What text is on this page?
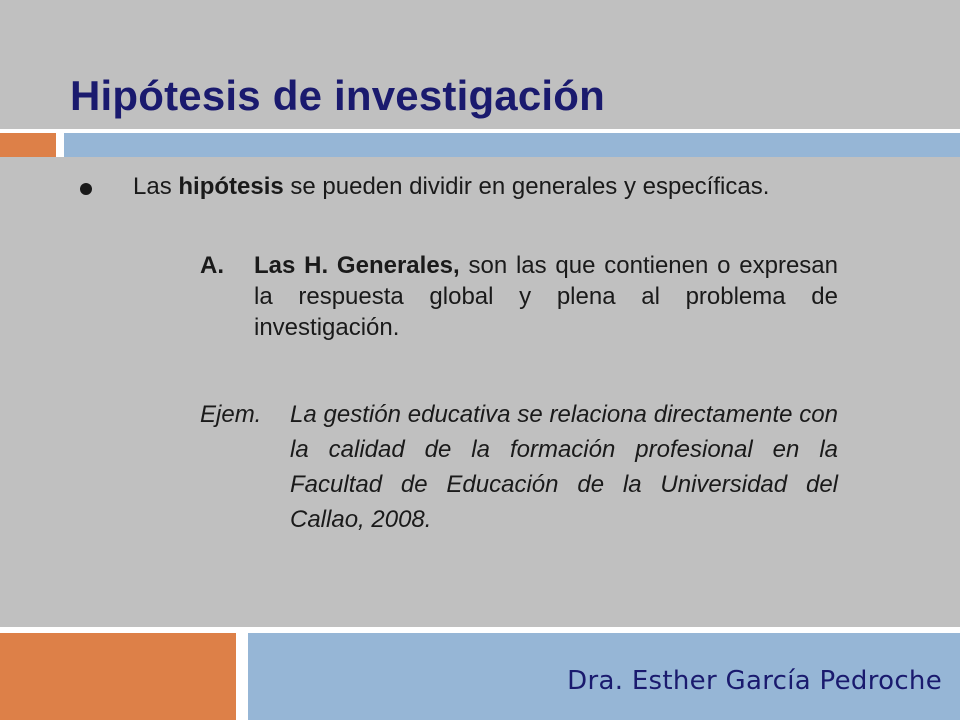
Hipótesis de investigación
Las hipótesis se pueden dividir en generales y específicas.
A. Las H. Generales, son las que contienen o expresan la respuesta global y plena al problema de investigación.
Ejem. La gestión educativa se relaciona directamente con la calidad de la formación profesional en la Facultad de Educación de la Universidad del Callao, 2008.
Dra. Esther García Pedroche
